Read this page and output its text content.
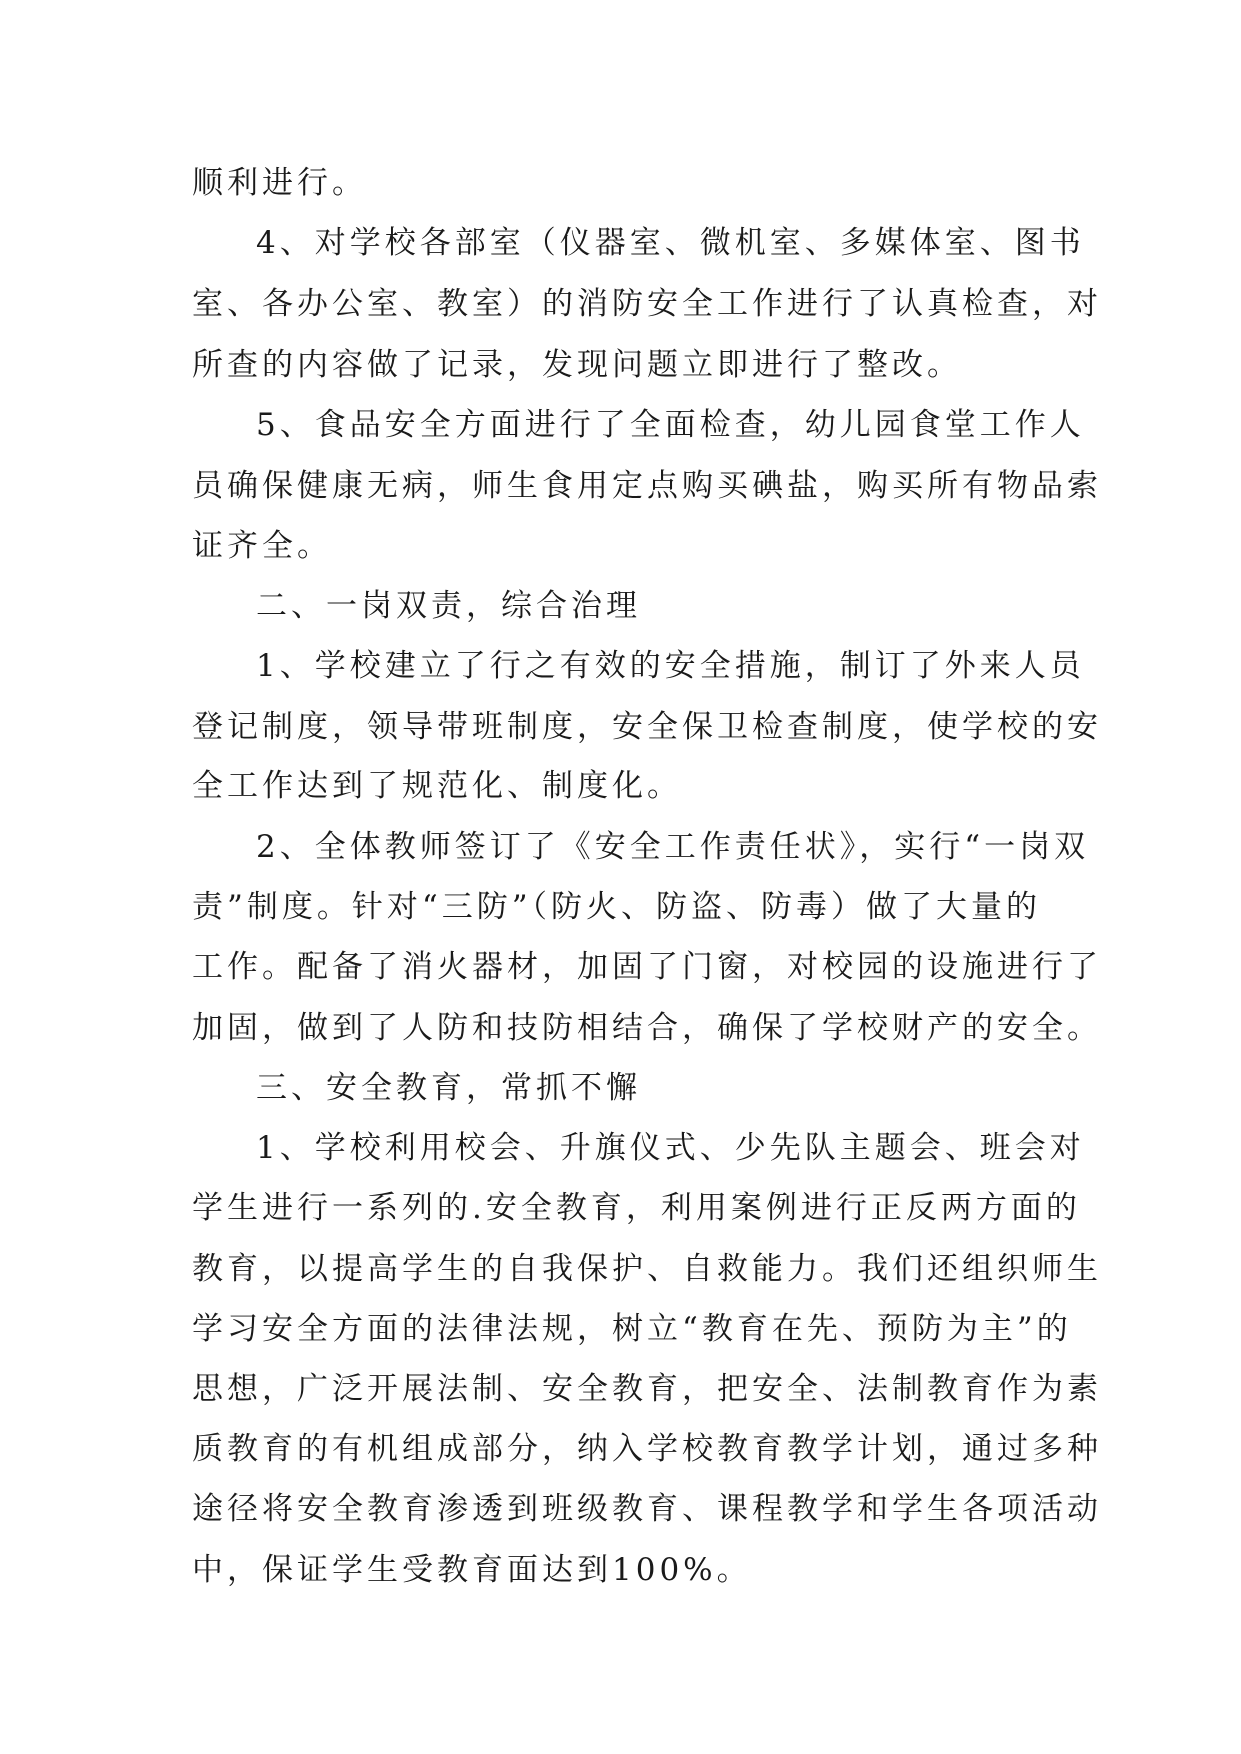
顺利进行。
4、对学校各部室（仪器室、微机室、多媒体室、图书
室、各办公室、教室）的消防安全工作进行了认真检查，对
所查的内容做了记录，发现问题立即进行了整改。
5、食品安全方面进行了全面检查，幼儿园食堂工作人
员确保健康无病，师生食用定点购买碘盐，购买所有物品索
证齐全。
二、一岗双责，综合治理
1、学校建立了行之有效的安全措施，制订了外来人员
登记制度，领导带班制度，安全保卫检查制度，使学校的安
全工作达到了规范化、制度化。
2、全体教师签订了《安全工作责任状》，实行“一岗双
责”制度。针对“三防”（防火、防盗、防毒）做了大量的
工作。配备了消火器材，加固了门窗，对校园的设施进行了
加固，做到了人防和技防相结合，确保了学校财产的安全。
三、安全教育，常抓不懈
1、学校利用校会、升旗仪式、少先队主题会、班会对
学生进行一系列的.安全教育，利用案例进行正反两方面的
教育，以提高学生的自我保护、自救能力。我们还组织师生
学习安全方面的法律法规，树立“教育在先、预防为主”的
思想，广泛开展法制、安全教育，把安全、法制教育作为素
质教育的有机组成部分，纳入学校教育教学计划，通过多种
途径将安全教育渗透到班级教育、课程教学和学生各项活动
中，保证学生受教育面达到100%。
